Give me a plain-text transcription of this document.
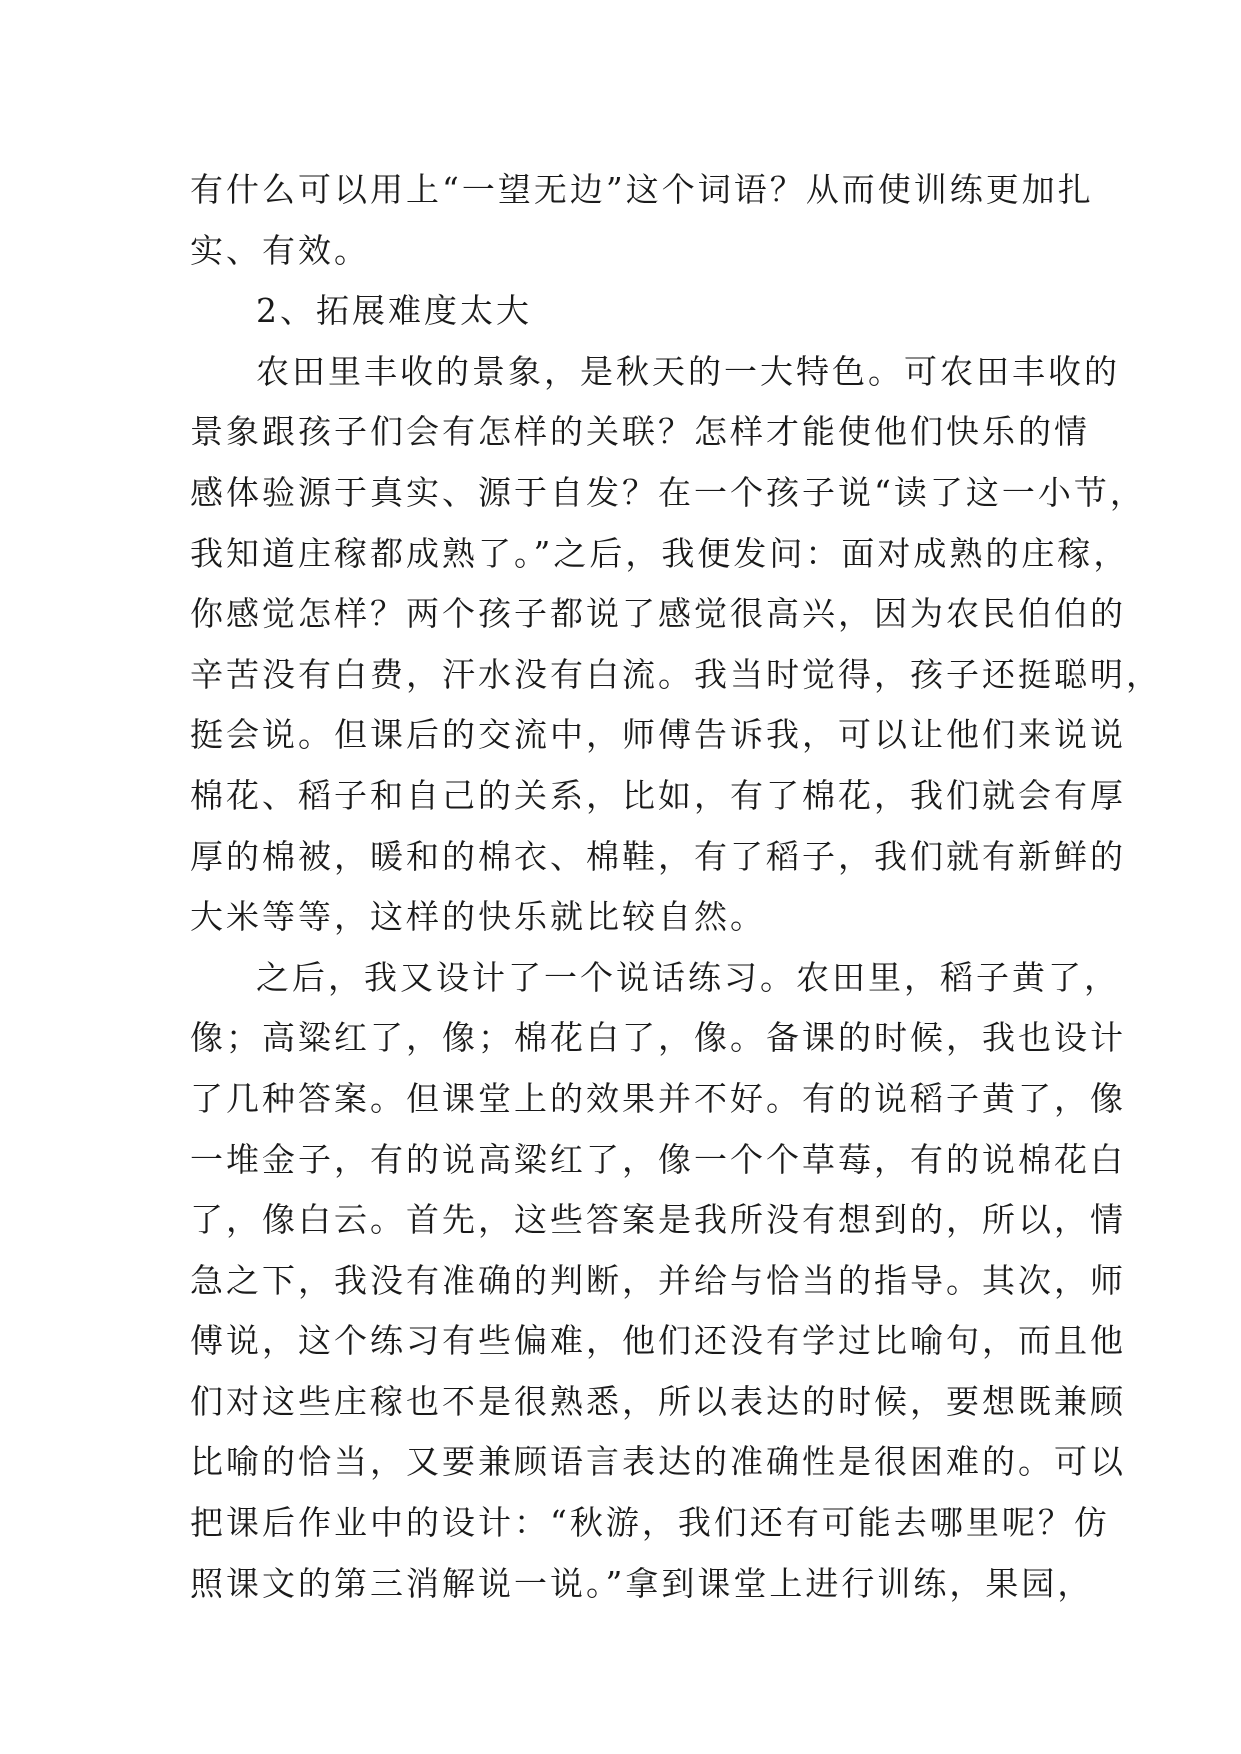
有什么可以用上“一望无边”这个词语？从而使训练更加扎
实、有效。
2、拓展难度太大
农田里丰收的景象，是秋天的一大特色。可农田丰收的
景象跟孩子们会有怎样的关联？怎样才能使他们快乐的情
感体验源于真实、源于自发？在一个孩子说“读了这一小节，
我知道庄稼都成熟了。”之后，我便发问：面对成熟的庄稼，
你感觉怎样？两个孩子都说了感觉很高兴，因为农民伯伯的
辛苦没有白费，汗水没有白流。我当时觉得，孩子还挺聪明，
挺会说。但课后的交流中，师傅告诉我，可以让他们来说说
棉花、稻子和自己的关系，比如，有了棉花，我们就会有厚
厚的棉被，暖和的棉衣、棉鞋，有了稻子，我们就有新鲜的
大米等等，这样的快乐就比较自然。
之后，我又设计了一个说话练习。农田里，稻子黄了，
像；高粱红了，像；棉花白了，像。备课的时候，我也设计
了几种答案。但课堂上的效果并不好。有的说稻子黄了，像
一堆金子，有的说高粱红了，像一个个草莓，有的说棉花白
了，像白云。首先，这些答案是我所没有想到的，所以，情
急之下，我没有准确的判断，并给与恰当的指导。其次，师
傅说，这个练习有些偏难，他们还没有学过比喻句，而且他
们对这些庄稼也不是很熟悉，所以表达的时候，要想既兼顾
比喻的恰当，又要兼顾语言表达的准确性是很困难的。可以
把课后作业中的设计：“秋游，我们还有可能去哪里呢？仿
照课文的第三消解说一说。”拿到课堂上进行训练，果园，
